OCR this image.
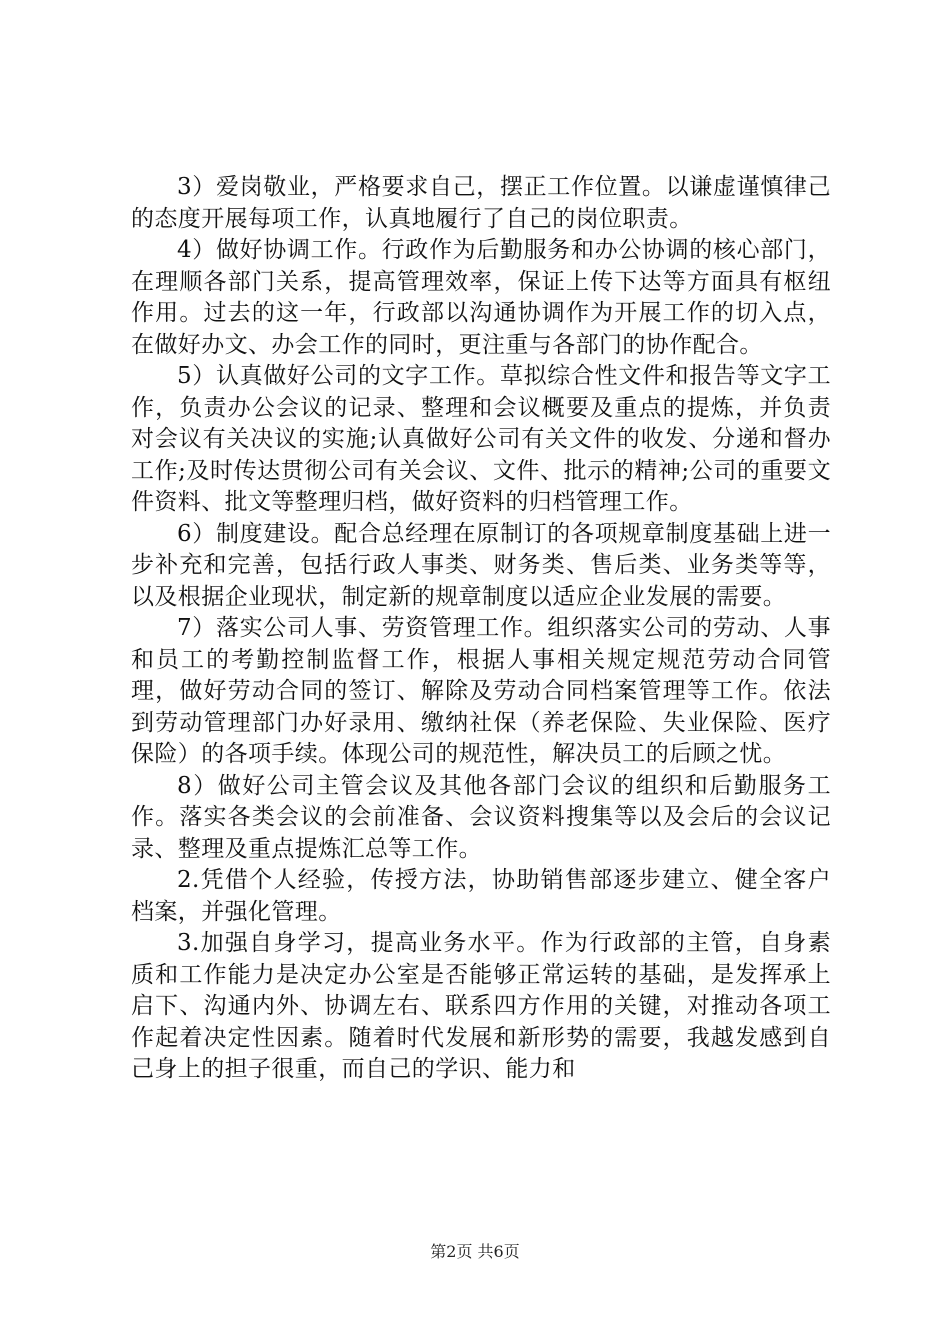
3）爱岗敬业，严格要求自己，摆正工作位置。以谦虚谨慎律己的态度开展每项工作，认真地履行了自己的岗位职责。

4）做好协调工作。行政作为后勤服务和办公协调的核心部门，在理顺各部门关系，提高管理效率，保证上传下达等方面具有枢纽作用。过去的这一年，行政部以沟通协调作为开展工作的切入点，在做好办文、办会工作的同时，更注重与各部门的协作配合。

5）认真做好公司的文字工作。草拟综合性文件和报告等文字工作，负责办公会议的记录、整理和会议概要及重点的提炼，并负责对会议有关决议的实施;认真做好公司有关文件的收发、分递和督办工作;及时传达贯彻公司有关会议、文件、批示的精神;公司的重要文件资料、批文等整理归档，做好资料的归档管理工作。

6）制度建设。配合总经理在原制订的各项规章制度基础上进一步补充和完善，包括行政人事类、财务类、售后类、业务类等等，以及根据企业现状，制定新的规章制度以适应企业发展的需要。

7）落实公司人事、劳资管理工作。组织落实公司的劳动、人事和员工的考勤控制监督工作，根据人事相关规定规范劳动合同管理，做好劳动合同的签订、解除及劳动合同档案管理等工作。依法到劳动管理部门办好录用、缴纳社保（养老保险、失业保险、医疗保险）的各项手续。体现公司的规范性，解决员工的后顾之忧。

8）做好公司主管会议及其他各部门会议的组织和后勤服务工作。落实各类会议的会前准备、会议资料搜集等以及会后的会议记录、整理及重点提炼汇总等工作。

2.凭借个人经验，传授方法，协助销售部逐步建立、健全客户档案，并强化管理。

3.加强自身学习，提高业务水平。作为行政部的主管，自身素质和工作能力是决定办公室是否能够正常运转的基础，是发挥承上启下、沟通内外、协调左右、联系四方作用的关键，对推动各项工作起着决定性因素。随着时代发展和新形势的需要，我越发感到自己身上的担子很重，而自己的学识、能力和

第2页 共6页
